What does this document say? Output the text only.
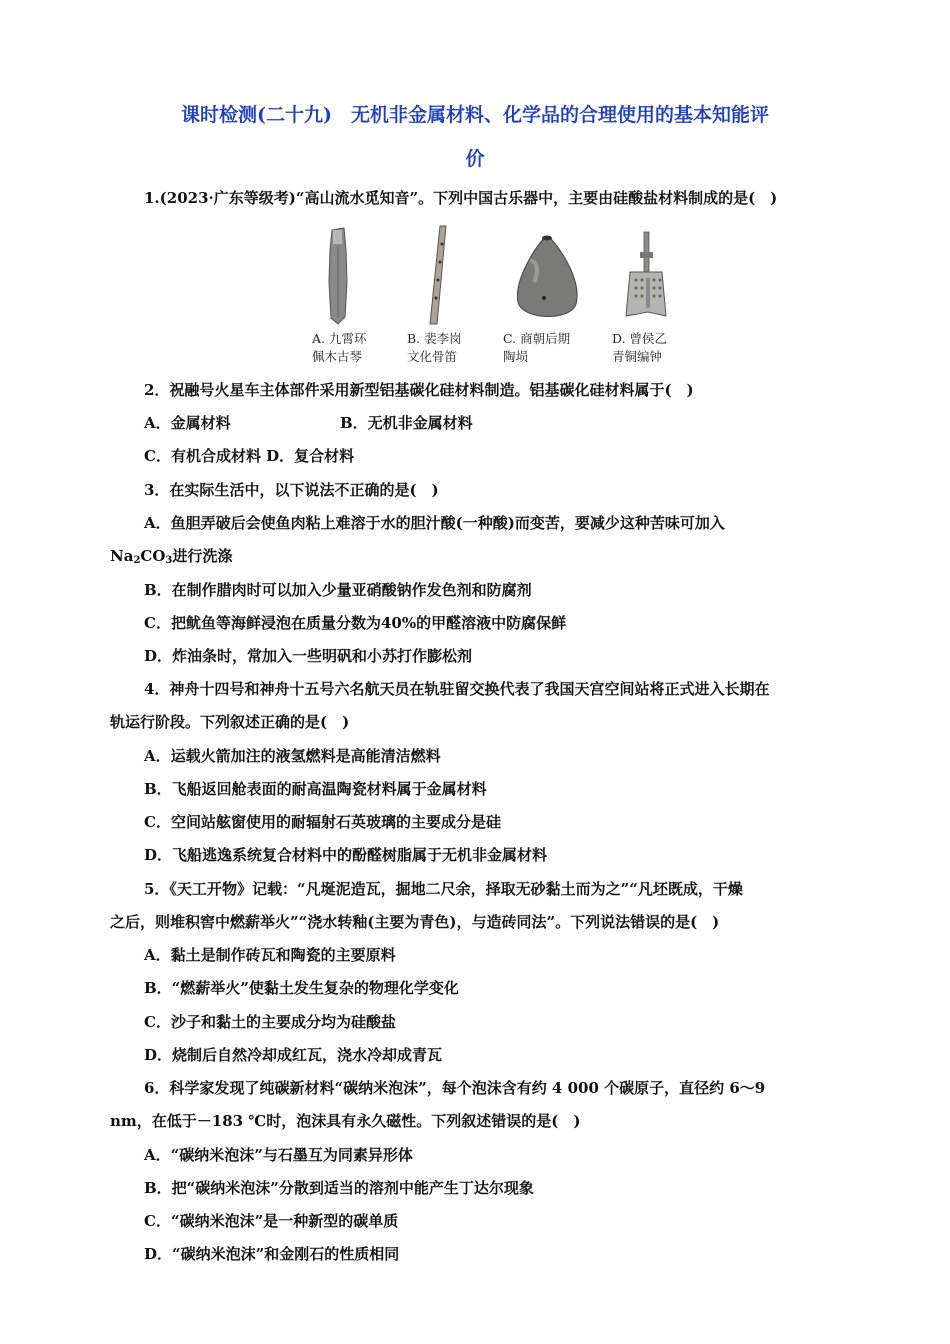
课时检测(二十九)　无机非金属材料、化学品的合理使用的基本知能评
价
1.(2023·广东等级考)“高山流水觅知音”。下列中国古乐器中，主要由硅酸盐材料制成的是(　)
A. 九霄环
佩木古琴
B. 裴李岗
文化骨笛
C. 商朝后期
陶埙
D. 曾侯乙
青铜编钟
2．祝融号火星车主体部件采用新型铝基碳化硅材料制造。铝基碳化硅材料属于(　)
A．金属材料	B．无机非金属材料
C．有机合成材料 D．复合材料
3．在实际生活中，以下说法不正确的是(　)
A．鱼胆弄破后会使鱼肉粘上难溶于水的胆汁酸(一种酸)而变苦，要减少这种苦味可加入
$Na_2CO_3$进行洗涤
B．在制作腊肉时可以加入少量亚硝酸钠作发色剂和防腐剂
C．把鱿鱼等海鲜浸泡在质量分数为40%的甲醛溶液中防腐保鲜
D．炸油条时，常加入一些明矾和小苏打作膨松剂
4．神舟十四号和神舟十五号六名航天员在轨驻留交换代表了我国天宫空间站将正式进入长期在
轨运行阶段。下列叙述正确的是(　)
A．运载火箭加注的液氢燃料是高能清洁燃料
B．飞船返回舱表面的耐高温陶瓷材料属于金属材料
C．空间站舷窗使用的耐辐射石英玻璃的主要成分是硅
D．飞船逃逸系统复合材料中的酚醛树脂属于无机非金属材料
5．《天工开物》记载：“凡埏泥造瓦，掘地二尺余，择取无砂黏土而为之”“凡坯既成，干燥
之后，则堆积窖中燃薪举火”“浇水转釉(主要为青色)，与造砖同法”。下列说法错误的是(　)
A．黏土是制作砖瓦和陶瓷的主要原料
B．“燃薪举火”使黏土发生复杂的物理化学变化
C．沙子和黏土的主要成分均为硅酸盐
D．烧制后自然冷却成红瓦，浇水冷却成青瓦
6．科学家发现了纯碳新材料“碳纳米泡沫”，每个泡沫含有约 4 000 个碳原子，直径约 6～9
nm，在低于－183 ℃时，泡沫具有永久磁性。下列叙述错误的是(　)
A．“碳纳米泡沫”与石墨互为同素异形体
B．把“碳纳米泡沫”分散到适当的溶剂中能产生丁达尔现象
C．“碳纳米泡沫”是一种新型的碳单质
D．“碳纳米泡沫”和金刚石的性质相同
